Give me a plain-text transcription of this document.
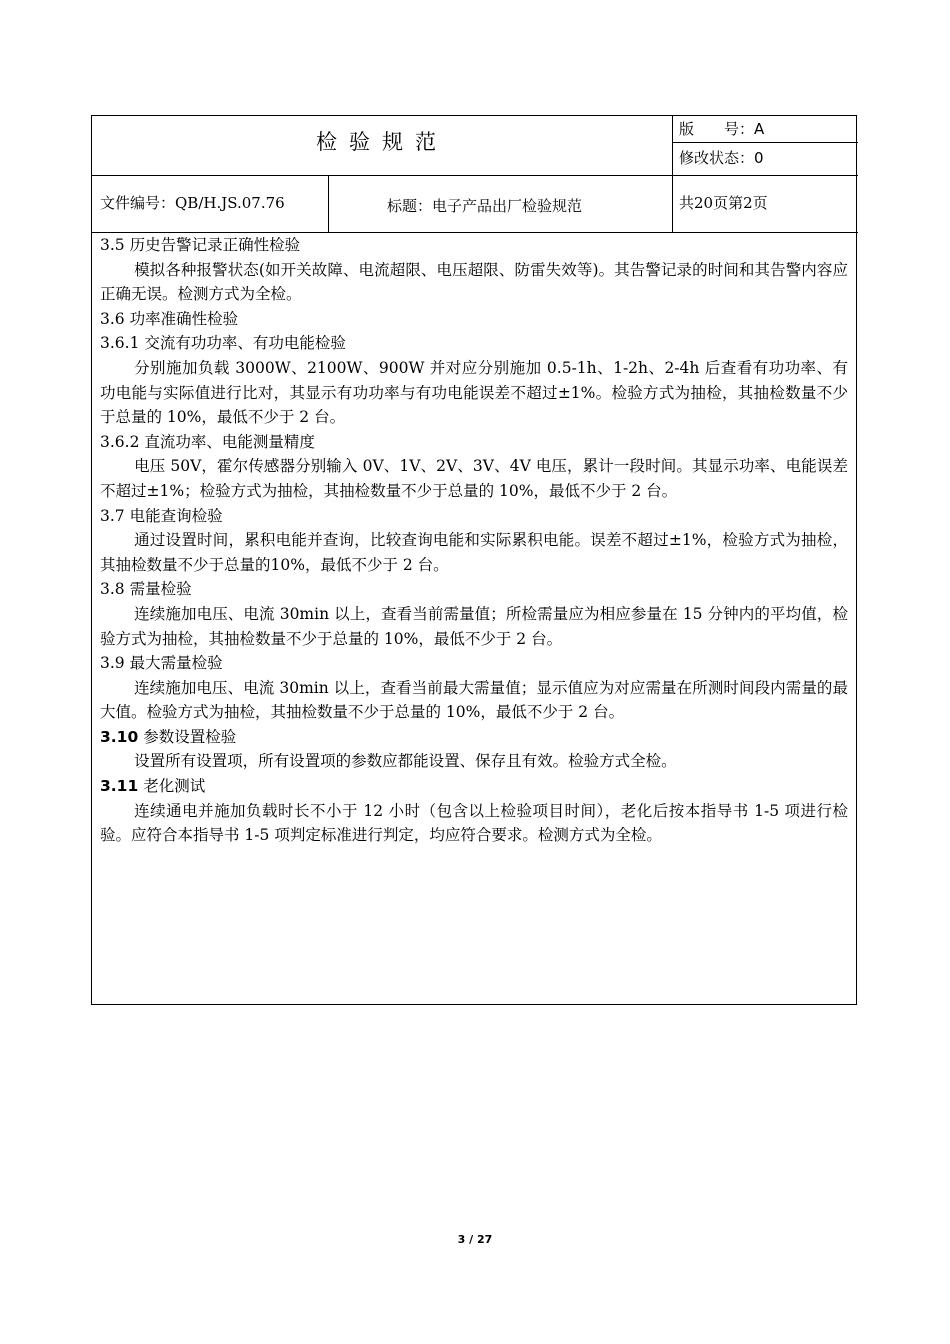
检验规范
版　　号：A
修改状态：0
文件编号：QB/H.JS.07.76	标题：电子产品出厂检验规范	共20页第2页

3.5 历史告警记录正确性检验

模拟各种报警状态(如开关故障、电流超限、电压超限、防雷失效等)。其告警记录的时间和其告警内容应正确无误。检测方式为全检。

3.6 功率准确性检验

3.6.1 交流有功功率、有功电能检验

分别施加负载 3000W、2100W、900W 并对应分别施加 0.5-1h、1-2h、2-4h 后查看有功功率、有功电能与实际值进行比对，其显示有功功率与有功电能误差不超过±1%。检验方式为抽检，其抽检数量不少于总量的 10%，最低不少于 2 台。

3.6.2 直流功率、电能测量精度

电压 50V，霍尔传感器分别输入 0V、1V、2V、3V、4V 电压，累计一段时间。其显示功率、电能误差不超过±1%；检验方式为抽检，其抽检数量不少于总量的 10%，最低不少于 2 台。

3.7 电能查询检验

通过设置时间，累积电能并查询，比较查询电能和实际累积电能。误差不超过±1%，检验方式为抽检，其抽检数量不少于总量的10%，最低不少于 2 台。

3.8 需量检验

连续施加电压、电流 30min 以上，查看当前需量值；所检需量应为相应参量在 15 分钟内的平均值，检验方式为抽检，其抽检数量不少于总量的 10%，最低不少于 2 台。

3.9 最大需量检验

连续施加电压、电流 30min 以上，查看当前最大需量值；显示值应为对应需量在所测时间段内需量的最大值。检验方式为抽检，其抽检数量不少于总量的 10%，最低不少于 2 台。

3.10 参数设置检验

设置所有设置项，所有设置项的参数应都能设置、保存且有效。检验方式全检。

3.11 老化测试

连续通电并施加负载时长不小于 12 小时（包含以上检验项目时间），老化后按本指导书 1-5 项进行检验。应符合本指导书 1-5 项判定标准进行判定，均应符合要求。检测方式为全检。

3 / 27
